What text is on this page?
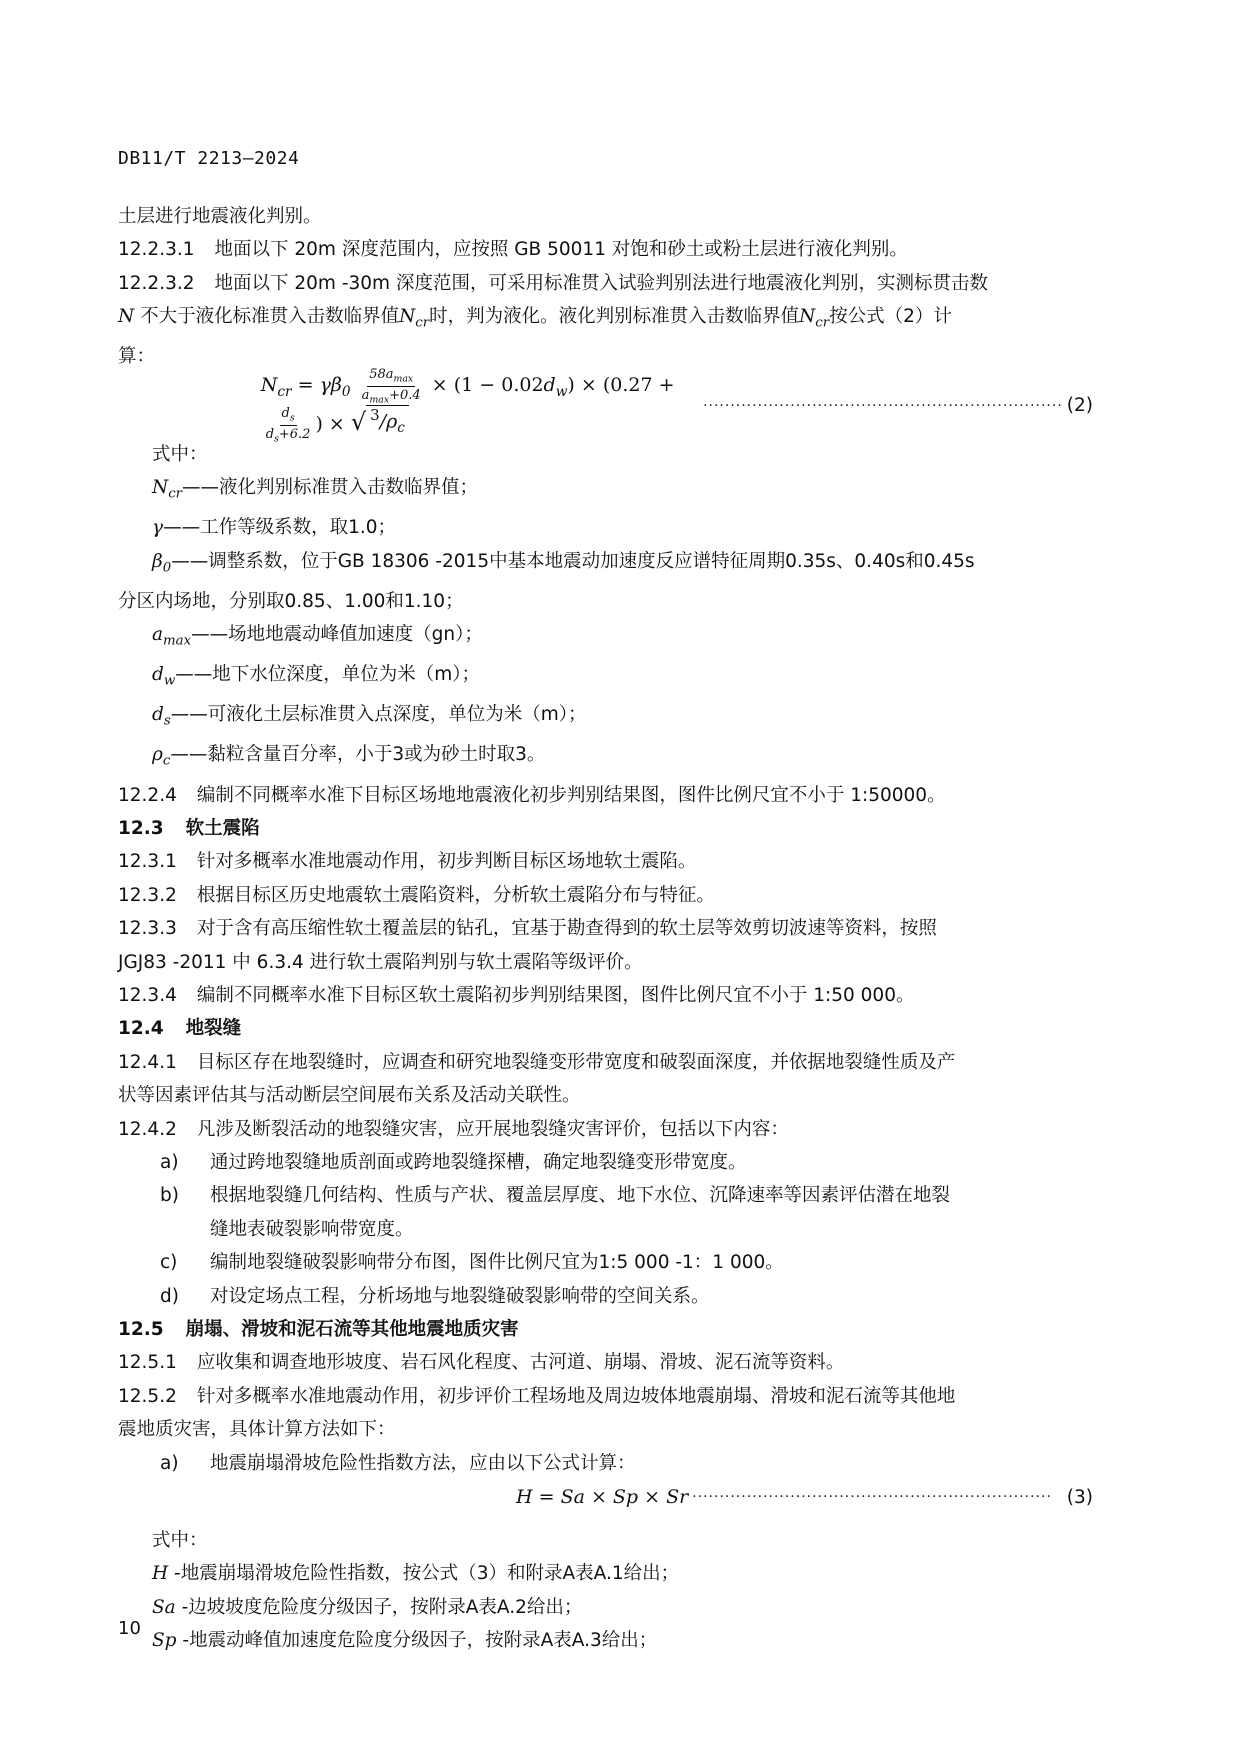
DB11/T 2213—2024
土层进行地震液化判别。
12.2.3.1 地面以下 20m 深度范围内，应按照 GB 50011 对饱和砂土或粉土层进行液化判别。
12.2.3.2 地面以下 20m -30m 深度范围，可采用标准贯入试验判别法进行地震液化判别，实测标贯击数
N 不大于液化标准贯入击数临界值$N_{cr}$时，判为液化。液化判别标准贯入击数临界值$N_{cr}$按公式（2）计
算：
$N_{cr} = \gamma\beta_0 \frac{58a_{max}}{a_{max}+0.4} \times (1 - 0.02d_w) \times (0.27$ +
$\frac{d_s}{d_s+6.2}$ ) × √ $^3/\rho_c$
·································································· (2)
式中：
$N_{cr}——$液化判别标准贯入击数临界值；
γ——工作等级系数，取1.0；
$\beta_0——$调整系数，位于GB 18306 -2015中基本地震动加速度反应谱特征周期0.35s、0.40s和0.45s
分区内场地，分别取0.85、1.00和1.10；
$a_{max}——$场地地震动峰值加速度（gn）；
$d_w——$地下水位深度，单位为米（m）；
$d_s——$可液化土层标准贯入点深度，单位为米（m）；
$\rho_c——$黏粒含量百分率，小于3或为砂土时取3。
12.2.4 编制不同概率水准下目标区场地地震液化初步判别结果图，图件比例尺宜不小于 1:50000。
12.3 软土震陷
12.3.1 针对多概率水准地震动作用，初步判断目标区场地软土震陷。
12.3.2 根据目标区历史地震软土震陷资料，分析软土震陷分布与特征。
12.3.3 对于含有高压缩性软土覆盖层的钻孔，宜基于勘查得到的软土层等效剪切波速等资料，按照
JGJ83 -2011 中 6.3.4 进行软土震陷判别与软土震陷等级评价。
12.3.4 编制不同概率水准下目标区软土震陷初步判别结果图，图件比例尺宜不小于 1:50 000。
12.4 地裂缝
12.4.1 目标区存在地裂缝时，应调查和研究地裂缝变形带宽度和破裂面深度，并依据地裂缝性质及产
状等因素评估其与活动断层空间展布关系及活动关联性。
12.4.2 凡涉及断裂活动的地裂缝灾害，应开展地裂缝灾害评价，包括以下内容：
a)	通过跨地裂缝地质剖面或跨地裂缝探槽，确定地裂缝变形带宽度。
b)	根据地裂缝几何结构、性质与产状、覆盖层厚度、地下水位、沉降速率等因素评估潜在地裂
缝地表破裂影响带宽度。
c)	编制地裂缝破裂影响带分布图，图件比例尺宜为1:5 000 -1：1 000。
d)	对设定场点工程，分析场地与地裂缝破裂影响带的空间关系。
12.5 崩塌、滑坡和泥石流等其他地震地质灾害
12.5.1 应收集和调查地形坡度、岩石风化程度、古河道、崩塌、滑坡、泥石流等资料。
12.5.2 针对多概率水准地震动作用，初步评价工程场地及周边坡体地震崩塌、滑坡和泥石流等其他地
震地质灾害，具体计算方法如下：
a)	地震崩塌滑坡危险性指数方法，应由以下公式计算：
H = Sa × Sp × Sr ·································································· (3)
式中：
H -地震崩塌滑坡危险性指数，按公式（3）和附录A表A.1给出；
Sa -边坡坡度危险度分级因子，按附录A表A.2给出；
Sp -地震动峰值加速度危险度分级因子，按附录A表A.3给出；
10
